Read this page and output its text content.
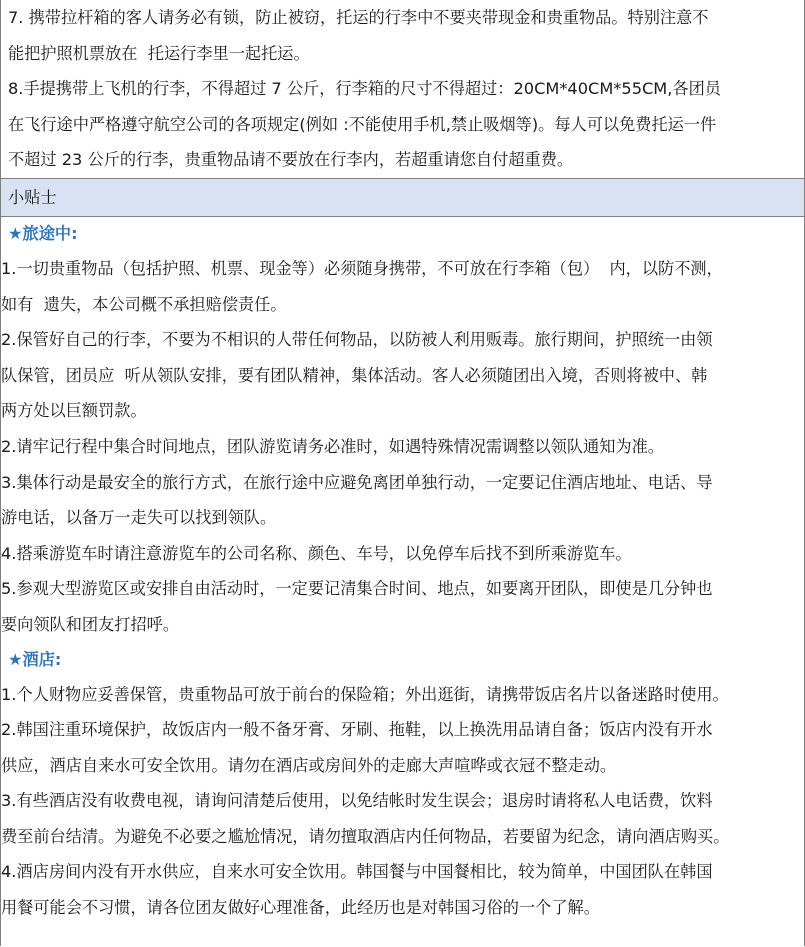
7. 携带拉杆箱的客人请务必有锁，防止被窃，托运的行李中不要夹带现金和贵重物品。特别注意不
能把护照机票放在  托运行李里一起托运。
8.手提携带上飞机的行李，不得超过 7 公斤，行李箱的尺寸不得超过：20CM*40CM*55CM,各团员
在飞行途中严格遵守航空公司的各项规定(例如 :不能使用手机,禁止吸烟等)。每人可以免费托运一件
不超过 23 公斤的行李，贵重物品请不要放在行李内，若超重请您自付超重费。
小贴士
★旅途中:
1.一切贵重物品（包括护照、机票、现金等）必须随身携带，不可放在行李箱（包）  内，以防不测，
如有  遗失，本公司概不承担赔偿责任。
2.保管好自己的行李，不要为不相识的人带任何物品，以防被人利用贩毒。旅行期间，护照统一由领
队保管，团员应  听从领队安排，要有团队精神，集体活动。客人必须随团出入境，否则将被中、韩
两方处以巨额罚款。
2.请牢记行程中集合时间地点，团队游览请务必准时，如遇特殊情况需调整以领队通知为准。
3.集体行动是最安全的旅行方式，在旅行途中应避免离团单独行动，一定要记住酒店地址、电话、导
游电话，以备万一走失可以找到领队。
4.搭乘游览车时请注意游览车的公司名称、颜色、车号，以免停车后找不到所乘游览车。
5.参观大型游览区或安排自由活动时，一定要记清集合时间、地点，如要离开团队，即使是几分钟也
要向领队和团友打招呼。
★酒店:
1.个人财物应妥善保管，贵重物品可放于前台的保险箱；外出逛街，请携带饭店名片以备迷路时使用。
2.韩国注重环境保护，故饭店内一般不备牙膏、牙刷、拖鞋，以上换洗用品请自备；饭店内没有开水
供应，酒店自来水可安全饮用。请勿在酒店或房间外的走廊大声喧哗或衣冠不整走动。
3.有些酒店没有收费电视，请询问清楚后使用，以免结帐时发生误会；退房时请将私人电话费，饮料
费至前台结清。为避免不必要之尴尬情况，请勿擅取酒店内任何物品，若要留为纪念，请向酒店购买。
4.酒店房间内没有开水供应，自来水可安全饮用。韩国餐与中国餐相比，较为简单，中国团队在韩国
用餐可能会不习惯，请各位团友做好心理准备，此经历也是对韩国习俗的一个了解。
